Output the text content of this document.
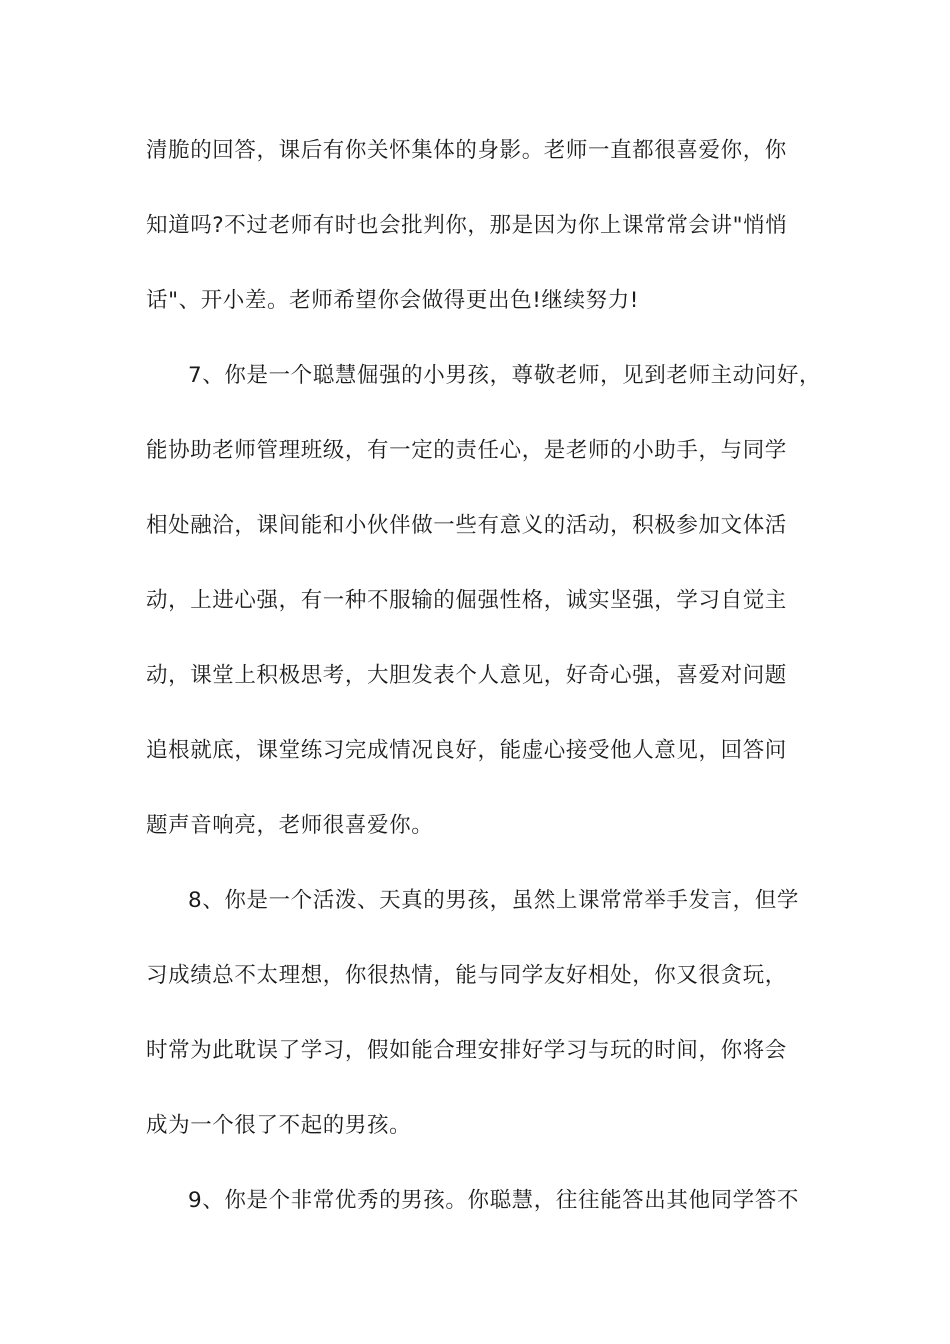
清脆的回答，课后有你关怀集体的身影。老师一直都很喜爱你，你
知道吗?不过老师有时也会批判你，那是因为你上课常常会讲"悄悄
话"、开小差。老师希望你会做得更出色!继续努力!
7、你是一个聪慧倔强的小男孩，尊敬老师，见到老师主动问好，
能协助老师管理班级，有一定的责任心，是老师的小助手，与同学
相处融洽，课间能和小伙伴做一些有意义的活动，积极参加文体活
动，上进心强，有一种不服输的倔强性格，诚实坚强，学习自觉主
动，课堂上积极思考，大胆发表个人意见，好奇心强，喜爱对问题
追根就底，课堂练习完成情况良好，能虚心接受他人意见，回答问
题声音响亮，老师很喜爱你。
8、你是一个活泼、天真的男孩，虽然上课常常举手发言，但学
习成绩总不太理想，你很热情，能与同学友好相处，你又很贪玩，
时常为此耽误了学习，假如能合理安排好学习与玩的时间，你将会
成为一个很了不起的男孩。
9、你是个非常优秀的男孩。你聪慧，往往能答出其他同学答不
